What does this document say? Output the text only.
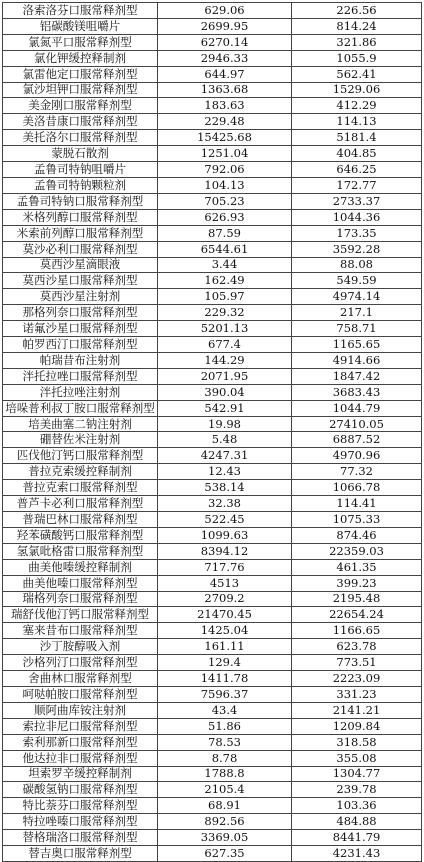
洛索洛芬口服常释剂型	629.06	226.56
铝碳酸镁咀嚼片	2699.95	814.24
氯氮平口服常释剂型	6270.14	321.86
氯化钾缓控释制剂	2946.33	1055.9
氯雷他定口服常释剂型	644.97	562.41
氯沙坦钾口服常释剂型	1363.68	1529.06
美金刚口服常释剂型	183.63	412.29
美洛昔康口服常释剂型	229.48	114.13
美托洛尔口服常释剂型	15425.68	5181.4
蒙脱石散剂	1251.04	404.85
孟鲁司特钠咀嚼片	792.06	646.25
孟鲁司特钠颗粒剂	104.13	172.77
孟鲁司特钠口服常释剂型	705.23	2733.37
米格列醇口服常释剂型	626.93	1044.36
米索前列醇口服常释剂型	87.59	173.35
莫沙必利口服常释剂型	6544.61	3592.28
莫西沙星滴眼液	3.44	88.08
莫西沙星口服常释剂型	162.49	549.59
莫西沙星注射剂	105.97	4974.14
那格列奈口服常释剂型	229.32	217.1
诺氟沙星口服常释剂型	5201.13	758.71
帕罗西汀口服常释剂型	677.4	1165.65
帕瑞昔布注射剂	144.29	4914.66
泮托拉唑口服常释剂型	2071.95	1847.42
泮托拉唑注射剂	390.04	3683.43
培哚普利叔丁胺口服常释剂型	542.91	1044.79
培美曲塞二钠注射剂	19.98	27410.05
硼替佐米注射剂	5.48	6887.52
匹伐他汀钙口服常释剂型	4247.31	4970.96
普拉克索缓控释制剂	12.43	77.32
普拉克索口服常释剂型	538.14	1066.78
普芦卡必利口服常释剂型	32.38	114.41
普瑞巴林口服常释剂型	522.45	1075.33
羟苯磺酸钙口服常释剂型	1099.63	874.46
氢氯吡格雷口服常释剂型	8394.12	22359.03
曲美他嗪缓控释制剂	717.76	461.35
曲美他嗪口服常释剂型	4513	399.23
瑞格列奈口服常释剂型	2709.2	2195.48
瑞舒伐他汀钙口服常释剂型	21470.45	22654.24
塞来昔布口服常释剂型	1425.04	1166.65
沙丁胺醇吸入剂	161.11	623.78
沙格列汀口服常释剂型	129.4	773.51
舍曲林口服常释剂型	1411.78	2223.09
呵哒帕胺口服常释剂型	7596.37	331.23
顺阿曲库铵注射剂	43.4	2141.21
索拉非尼口服常释剂型	51.86	1209.84
索利那新口服常释剂型	78.53	318.58
他达拉非口服常释剂型	8.78	355.08
坦索罗辛缓控释制剂	1788.8	1304.77
碳酸氢钠口服常释剂型	2105.4	239.78
特比萘芬口服常释剂型	68.91	103.36
特拉唑嗪口服常释剂型	892.56	484.88
替格瑞洛口服常释剂型	3369.05	8441.79
替吉奥口服常释剂型	627.35	4231.43
